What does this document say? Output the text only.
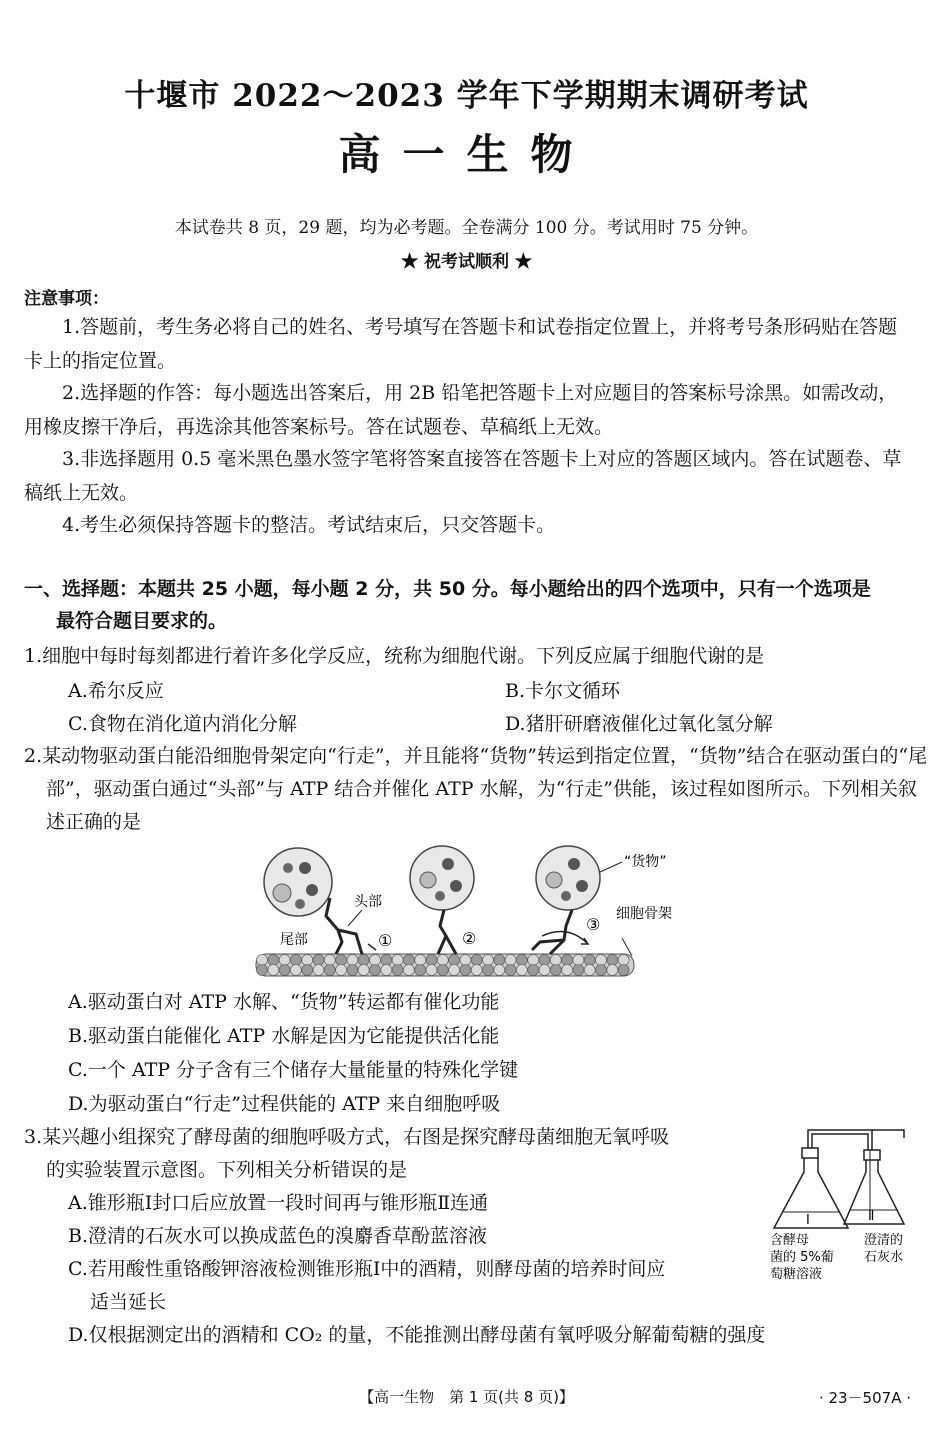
十堰市 2022～2023 学年下学期期末调研考试
高一生物
本试卷共 8 页，29 题，均为必考题。全卷满分 100 分。考试用时 75 分钟。
★ 祝考试顺利 ★
注意事项：
1.答题前，考生务必将自己的姓名、考号填写在答题卡和试卷指定位置上，并将考号条形码贴在答题卡上的指定位置。
2.选择题的作答：每小题选出答案后，用 2B 铅笔把答题卡上对应题目的答案标号涂黑。如需改动，用橡皮擦干净后，再选涂其他答案标号。答在试题卷、草稿纸上无效。
3.非选择题用 0.5 毫米黑色墨水签字笔将答案直接答在答题卡上对应的答题区域内。答在试题卷、草稿纸上无效。
4.考生必须保持答题卡的整洁。考试结束后，只交答题卡。
一、选择题：本题共 25 小题，每小题 2 分，共 50 分。每小题给出的四个选项中，只有一个选项是
最符合题目要求的。
1.细胞中每时每刻都进行着许多化学反应，统称为细胞代谢。下列反应属于细胞代谢的是
A.希尔反应	B.卡尔文循环
C.食物在消化道内消化分解	D.猪肝研磨液催化过氧化氢分解
2.某动物驱动蛋白能沿细胞骨架定向“行走”，并且能将“货物”转运到指定位置，“货物”结合在驱动蛋白的“尾部”，驱动蛋白通过“头部”与 ATP 结合并催化 ATP 水解，为“行走”供能，该过程如图所示。下列相关叙述正确的是
“货物”
头部
尾部
细胞骨架
①	②
③
A.驱动蛋白对 ATP 水解、“货物”转运都有催化功能
B.驱动蛋白能催化 ATP 水解是因为它能提供活化能
C.一个 ATP 分子含有三个储存大量能量的特殊化学键
D.为驱动蛋白“行走”过程供能的 ATP 来自细胞呼吸
3.某兴趣小组探究了酵母菌的细胞呼吸方式，右图是探究酵母菌细胞无氧呼吸
的实验装置示意图。下列相关分析错误的是
A.锥形瓶Ⅰ封口后应放置一段时间再与锥形瓶Ⅱ连通
B.澄清的石灰水可以换成蓝色的溴麝香草酚蓝溶液
C.若用酸性重铬酸钾溶液检测锥形瓶Ⅰ中的酒精，则酵母菌的培养时间应
适当延长
D.仅根据测定出的酒精和 CO₂ 的量，不能推测出酵母菌有氧呼吸分解葡萄糖的强度
Ⅰ	Ⅱ
含酵母
菌的 5%葡
萄糖溶液
澄清的
石灰水
【高一生物　第 1 页(共 8 页)】	· 23－507A ·
